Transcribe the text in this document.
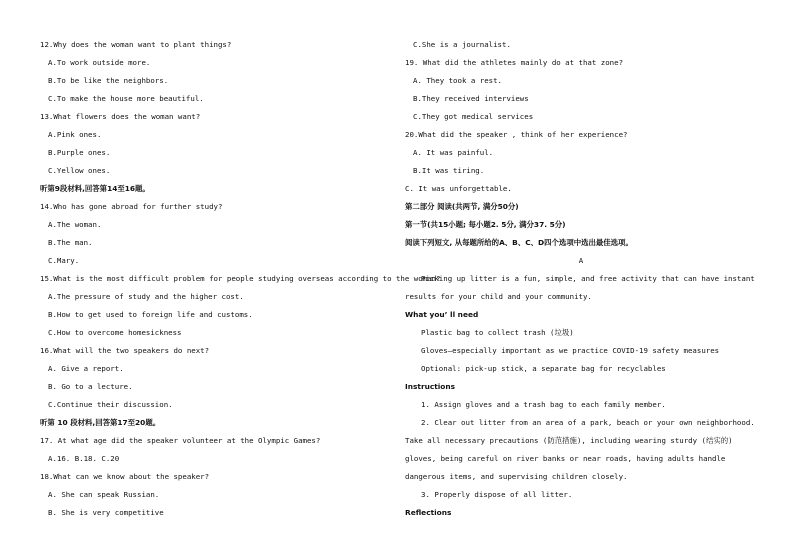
12.Why does the woman want to plant things?
A.To work outside more.
B.To be like the neighbors.
C.To make the house more beautiful.
13.What flowers does the woman want?
A.Pink ones.
B.Purple ones.
C.Yellow ones.
听第9段材料,回答第14至16题。
14.Who has gone abroad for further study?
A.The woman.
B.The man.
C.Mary.
15.What is the most difficult problem for people studying overseas according to the woman?
A.The pressure of study and the higher cost.
B.How to get used to foreign life and customs.
C.How to overcome homesickness
16.What will the two speakers do next?
A. Give a report.
B. Go to a lecture.
C.Continue their discussion.
听第 10 段材料,回答第17至20题。
17. At what age did the speaker volunteer at the Olympic Games?
A.16. B.18. C.20
18.What can we know about the speaker?
A. She can speak Russian.
B. She is very competitive
C.She is a journalist.
19. What did the athletes mainly do at that zone?
A. They took a rest.
B.They received interviews
C.They got medical services
20.What did the speaker , think of her experience?
A. It was painful.
B.It was tiring.
C. It was unforgettable.
第二部分 阅读(共两节, 满分50分)
第一节(共15小题; 每小题2. 5分, 满分37. 5分)
阅读下列短文, 从每题所给的A、B、C、D四个选项中选出最佳选项。
A
Picking up litter is a fun, simple, and free activity that can have instant results for your child and your community.
What you’ ll need
Plastic bag to collect trash (垃圾)
Gloves—especially important as we practice COVID-19 safety measures
Optional: pick-up stick, a separate bag for recyclables
Instructions
1. Assign gloves and a trash bag to each family member.
2. Clear out litter from an area of a park, beach or your own neighborhood. Take all necessary precautions (防范措施), including wearing sturdy (结实的) gloves, being careful on river banks or near roads, having adults handle dangerous items, and supervising children closely.
3. Properly dispose of all litter.
Reflections
